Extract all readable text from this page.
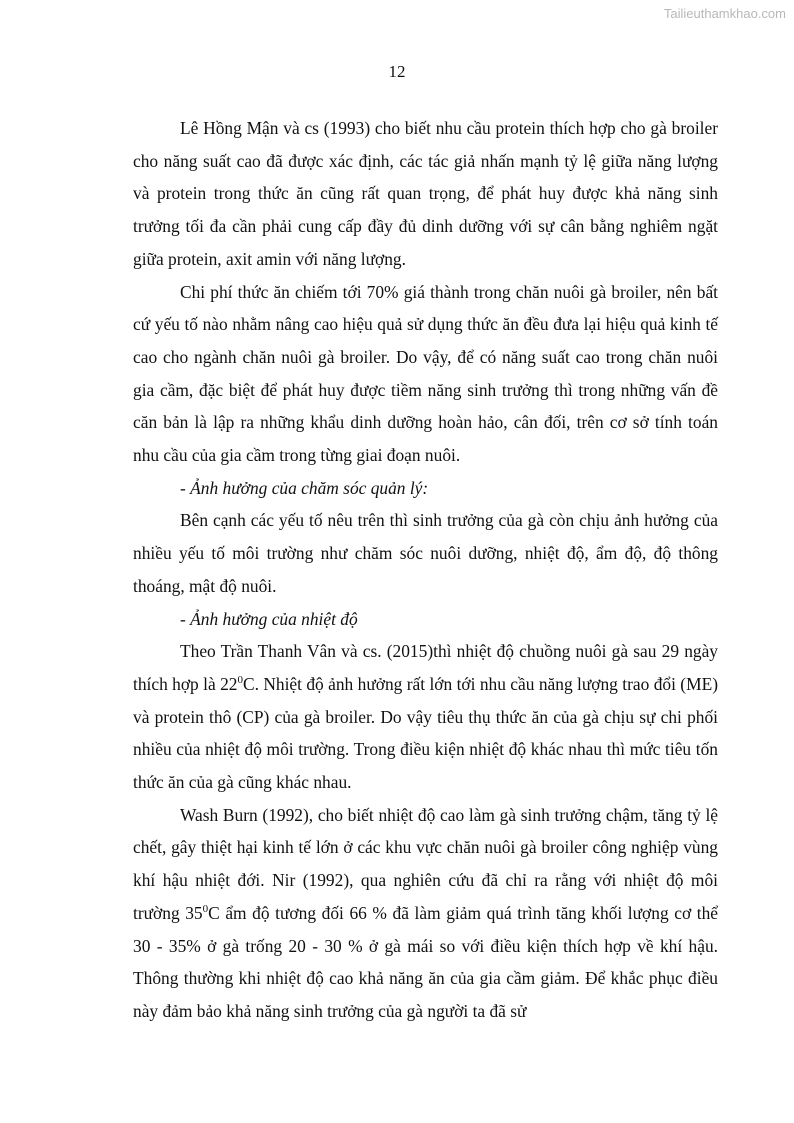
Tailieuthamkhao.com
12

Lê Hồng Mận và cs (1993) cho biết nhu cầu protein thích hợp cho gà broiler cho năng suất cao đã được xác định, các tác giả nhấn mạnh tỷ lệ giữa năng lượng và protein trong thức ăn cũng rất quan trọng, để phát huy được khả năng sinh trưởng tối đa cần phải cung cấp đầy đủ dinh dưỡng với sự cân bằng nghiêm ngặt giữa protein, axit amin với năng lượng.

Chi phí thức ăn chiếm tới 70% giá thành trong chăn nuôi gà broiler, nên bất cứ yếu tố nào nhằm nâng cao hiệu quả sử dụng thức ăn đều đưa lại hiệu quả kinh tế cao cho ngành chăn nuôi gà broiler. Do vậy, để có năng suất cao trong chăn nuôi gia cầm, đặc biệt để phát huy được tiềm năng sinh trưởng thì trong những vấn đề căn bản là lập ra những khẩu dinh dưỡng hoàn hảo, cân đối, trên cơ sở tính toán nhu cầu của gia cầm trong từng giai đoạn nuôi.

- Ảnh hưởng của chăm sóc quản lý:

Bên cạnh các yếu tố nêu trên thì sinh trưởng của gà còn chịu ảnh hưởng của nhiều yếu tố môi trường như chăm sóc nuôi dưỡng, nhiệt độ, ẩm độ, độ thông thoáng, mật độ nuôi.

- Ảnh hưởng của nhiệt độ

Theo Trần Thanh Vân và cs. (2015)thì nhiệt độ chuồng nuôi gà sau 29 ngày thích hợp là $22^0C$. Nhiệt độ ảnh hưởng rất lớn tới nhu cầu năng lượng trao đổi (ME) và protein thô (CP) của gà broiler. Do vậy tiêu thụ thức ăn của gà chịu sự chi phối nhiều của nhiệt độ môi trường. Trong điều kiện nhiệt độ khác nhau thì mức tiêu tốn thức ăn của gà cũng khác nhau.

Wash Burn (1992), cho biết nhiệt độ cao làm gà sinh trưởng chậm, tăng tỷ lệ chết, gây thiệt hại kinh tế lớn ở các khu vực chăn nuôi gà broiler công nghiệp vùng khí hậu nhiệt đới. Nir (1992), qua nghiên cứu đã chỉ ra rằng với nhiệt độ môi trường $35^0C$ ẩm độ tương đối 66 % đã làm giảm quá trình tăng khối lượng cơ thể 30 - 35% ở gà trống 20 - 30 % ở gà mái so với điều kiện thích hợp về khí hậu. Thông thường khi nhiệt độ cao khả năng ăn của gia cầm giảm. Để khắc phục điều này đảm bảo khả năng sinh trưởng của gà người ta đã sử
